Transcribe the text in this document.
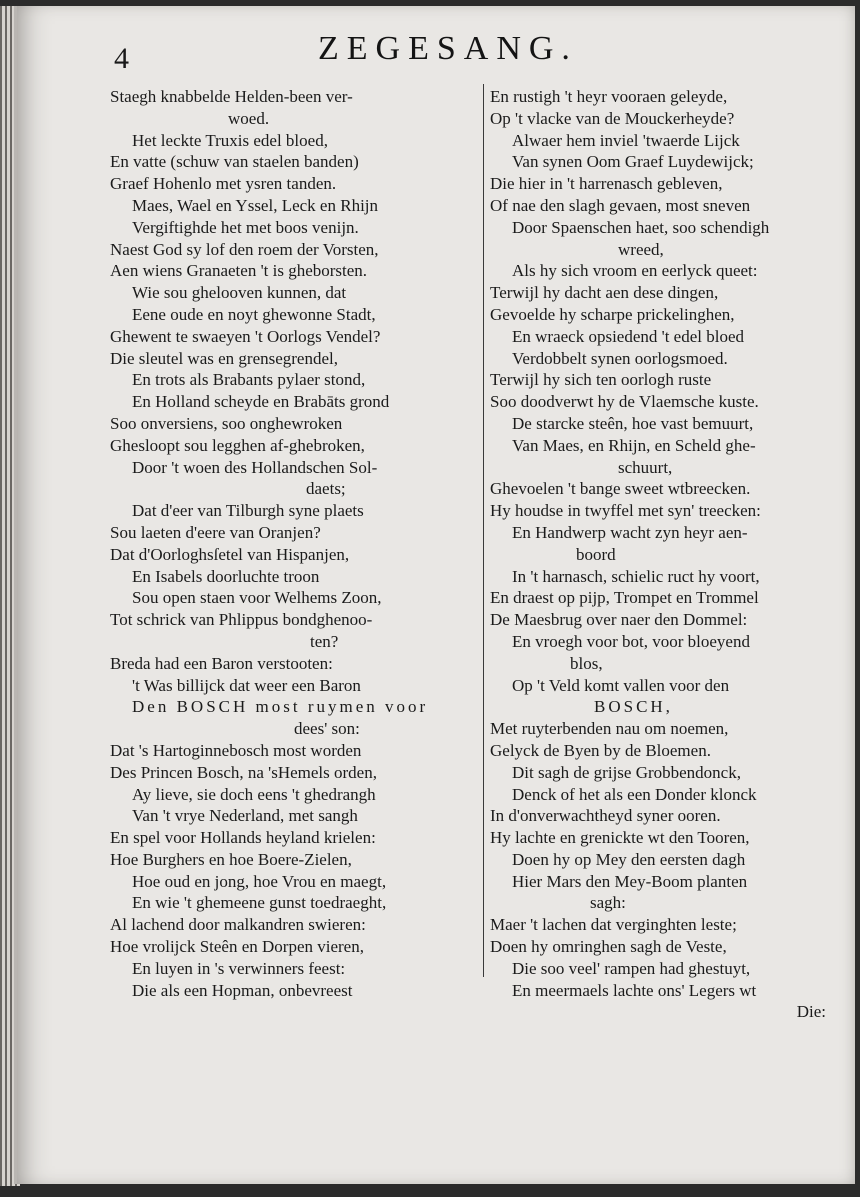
4	ZEGESANG.
Staegh knabbelde Helden-been ver-
woed.
Het leckte Truxis edel bloed,
En vatte (schuw van staelen banden)
Graef Hohenlo met ysren tanden.
Maes, Wael en Yssel, Leck en Rhijn
Vergiftighde het met boos venijn.
Naest God sy lof den roem der Vorsten,
Aen wiens Granaeten 't is gheborsten.
Wie sou ghelooven kunnen, dat
Eene oude en noyt ghewonne Stadt,
Ghewent te swaeyen 't Oorlogs Vendel?
Die sleutel was en grensegrendel,
En trots als Brabants pylaer stond,
En Holland scheyde en Brabāts grond
Soo onversiens, soo onghewroken
Ghesloopt sou legghen af-ghebroken,
Door 't woen des Hollandschen Sol-
daets;
Dat d'eer van Tilburgh syne plaets
Sou laeten d'eere van Oranjen?
Dat d'Oorloghsſetel van Hispanjen,
En Isabels doorluchte troon
Sou open staen voor Welhems Zoon,
Tot schrick van Phlippus bondghenoo-
ten?
Breda had een Baron verstooten:
't Was billijck dat weer een Baron
Den BOSCH most ruymen voor
dees' son:
Dat 's Hartoginnebosch most worden
Des Princen Bosch, na 'sHemels orden,
Ay lieve, sie doch eens 't ghedrangh
Van 't vrye Nederland, met sangh
En spel voor Hollands heyland krielen:
Hoe Burghers en hoe Boere-Zielen,
Hoe oud en jong, hoe Vrou en maegt,
En wie 't ghemeene gunst toedraeght,
Al lachend door malkandren swieren:
Hoe vrolijck Steên en Dorpen vieren,
En luyen in 's verwinners feest:
Die als een Hopman, onbevreest
En rustigh 't heyr vooraen geleyde,
Op 't vlacke van de Mouckerheyde?
Alwaer hem inviel 'twaerde Lijck
Van synen Oom Graef Luydewijck;
Die hier in 't harrenasch gebleven,
Of nae den slagh gevaen, most sneven
Door Spaenschen haet, soo schendigh
wreed,
Als hy sich vroom en eerlyck queet:
Terwijl hy dacht aen dese dingen,
Gevoelde hy scharpe prickelinghen,
En wraeck opsiedend 't edel bloed
Verdobbelt synen oorlogsmoed.
Terwijl hy sich ten oorlogh ruste
Soo doodverwt hy de Vlaemsche kuste.
De starcke steên, hoe vast bemuurt,
Van Maes, en Rhijn, en Scheld ghe-
schuurt,
Ghevoelen 't bange sweet wtbreecken.
Hy houdse in twyffel met syn' treecken:
En Handwerp wacht zyn heyr aen-
boord
In 't harnasch, schielic ruct hy voort,
En draest op pijp, Trompet en Trommel
De Maesbrug over naer den Dommel:
En vroegh voor bot, voor bloeyend
blos,
Op 't Veld komt vallen voor den
BOSCH,
Met ruyterbenden nau om noemen,
Gelyck de Byen by de Bloemen.
Dit sagh de grijse Grobbendonck,
Denck of het als een Donder klonck
In d'onverwachtheyd syner ooren.
Hy lachte en grenickte wt den Tooren,
Doen hy op Mey den eersten dagh
Hier Mars den Mey-Boom planten
sagh:
Maer 't lachen dat verginghten leste;
Doen hy omringhen sagh de Veste,
Die soo veel' rampen had ghestuyt,
En meermaels lachte ons' Legers wt
Die:
